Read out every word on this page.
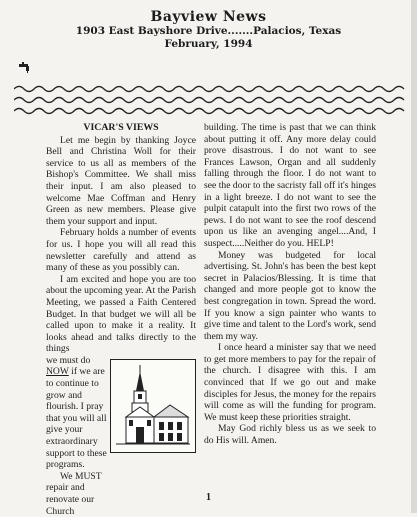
Bayview News
1903 East Bayshore Drive.......Palacios, Texas
February, 1994
VICAR'S VIEWS

Let me begin by thanking Joyce Bell and Christina Woll for their service to us all as members of the Bishop's Committee. We shall miss their input. I am also pleased to welcome Mae Coffman and Henry Green as new members. Please give them your support and input.

February holds a number of events for us. I hope you will all read this newsletter carefully and attend as many of these as you possibly can.

I am excited and hope you are too about the upcoming year. At the Parish Meeting, we passed a Faith Centered Budget. In that budget we will all be called upon to make it a reality. It looks ahead and talks directly to the things

we must do NOW if we are to continue to grow and flourish. I pray that you will all give your extraordinary support to these programs.

We MUST repair and renovate our Church

building. The time is past that we can think about putting it off. Any more delay could prove disastrous. I do not want to see Frances Lawson, Organ and all suddenly falling through the floor. I do not want to see the door to the sacristy fall off it's hinges in a light breeze. I do not want to see the pulpit catapult into the first two rows of the pews. I do not want to see the roof descend upon us like an avenging angel....And, I suspect.....Neither do you. HELP!

Money was budgeted for local advertising. St. John's has been the best kept secret in Palacios/Blessing. It is time that changed and more people got to know the best congregation in town. Spread the word. If you know a sign painter who wants to give time and talent to the Lord's work, send them my way.

I once heard a minister say that we need to get more members to pay for the repair of the church. I disagree with this. I am convinced that If we go out and make disciples for Jesus, the money for the repairs will come as will the funding for program. We must keep these priorities straight.

May God richly bless us as we seek to do His will. Amen.

1
